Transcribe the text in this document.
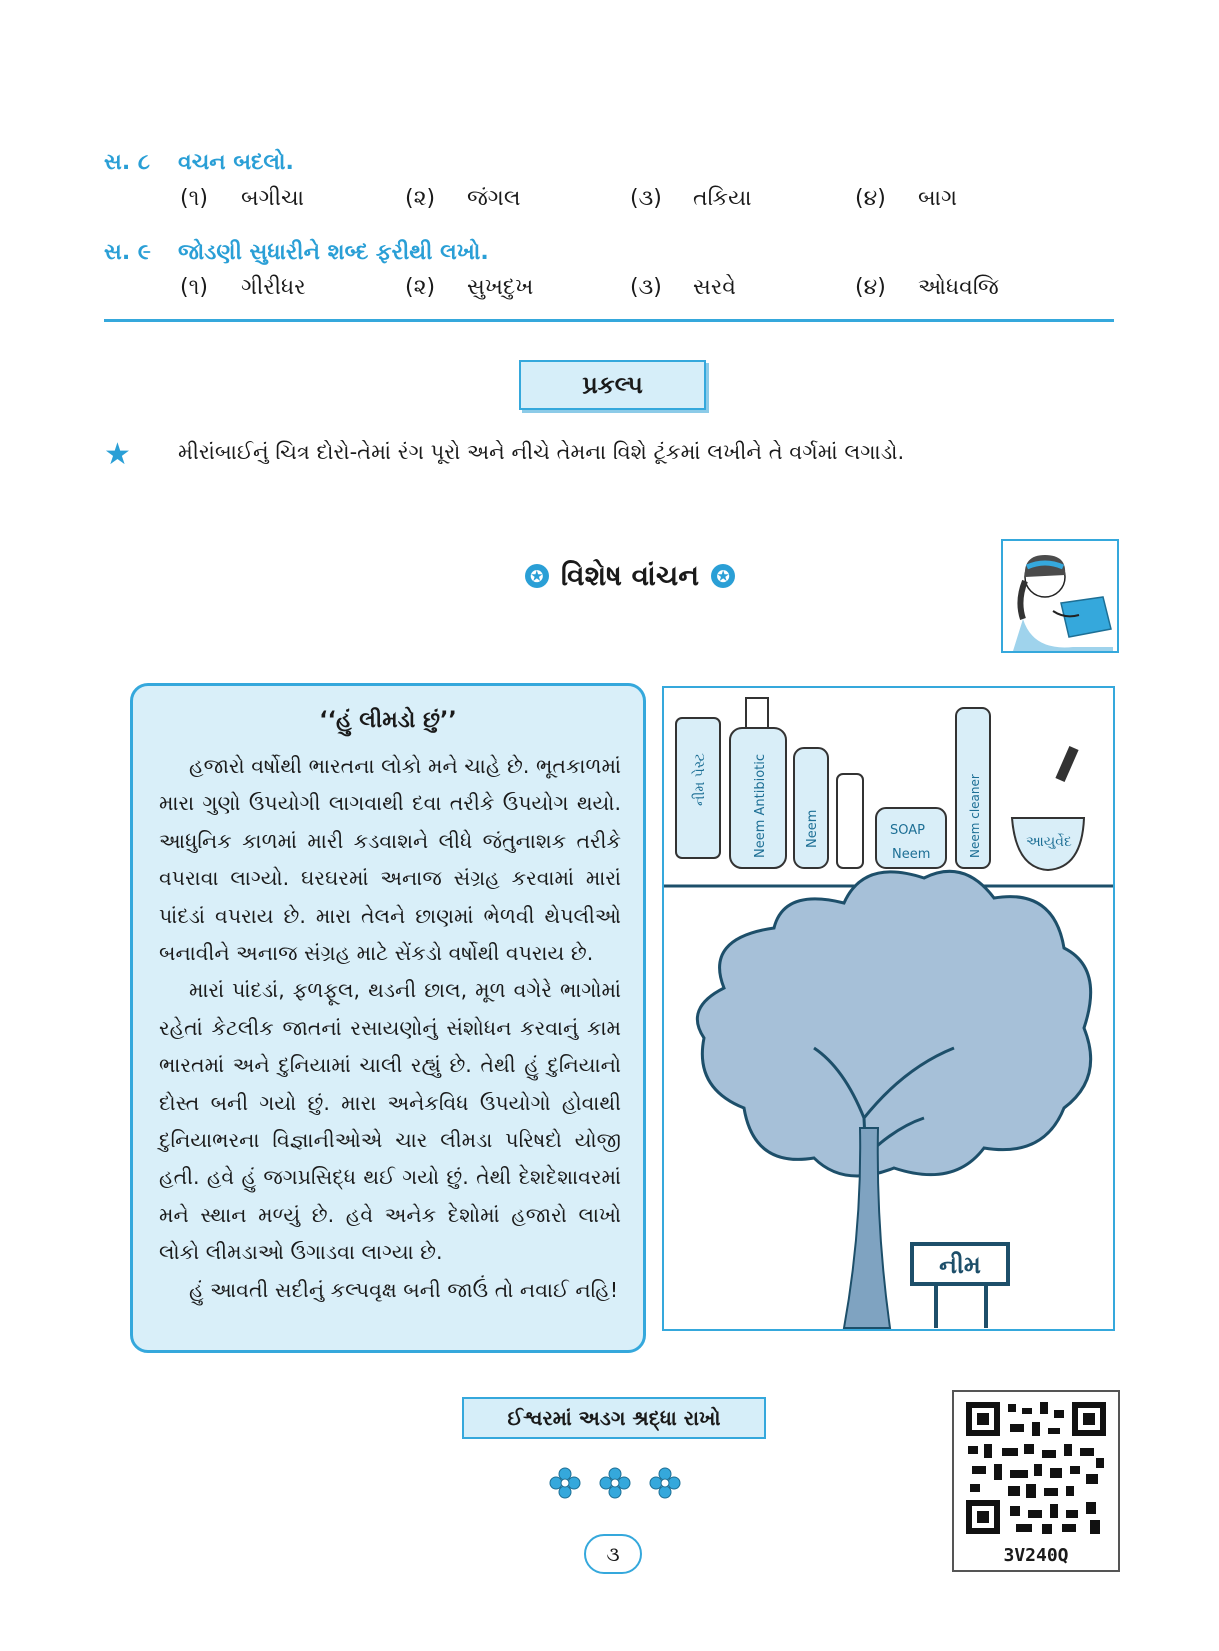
સ. ૮ વચન બદલો.
(૧) બગીચા	(૨) જંગલ	(૩) તકિયા	(૪) બાગ
સ. ૯ જોડણી સુધારીને શબ્દ ફરીથી લખો.
(૧) ગીરીધર	(૨) સુખદુખ	(૩) સરવે	(૪) ઓધવજિ
પ્રકલ્પ
★ મીરાંબાઈનું ચિત્ર દોરો-તેમાં રંગ પૂરો અને નીચે તેમના વિશે ટૂંકમાં લખીને તે વર્ગમાં લગાડો.
✪ વિશેષ વાંચન	✪
‘‘હું લીમડો છું’’

હજારો વર્ષોથી ભારતના લોકો મને ચાહે છે. ભૂતકાળમાં મારા ગુણો ઉપયોગી લાગવાથી દવા તરીકે ઉપયોગ થયો. આધુનિક કાળમાં મારી કડવાશને લીધે જંતુનાશક તરીકે વપરાવા લાગ્યો. ઘરઘરમાં અનાજ સંગ્રહ કરવામાં મારાં પાંદડાં વપરાય છે. મારા તેલને છાણમાં ભેળવી થેપલીઓ બનાવીને અનાજ સંગ્રહ માટે સેંકડો વર્ષોથી વપરાય છે.

મારાં પાંદડાં, ફળફૂલ, થડની છાલ, મૂળ વગેરે ભાગોમાં રહેતાં કેટલીક જાતનાં રસાયણોનું સંશોધન કરવાનું કામ ભારતમાં અને દુનિયામાં ચાલી રહ્યું છે. તેથી હું દુનિયાનો દોસ્ત બની ગયો છું. મારા અનેકવિધ ઉપયોગો હોવાથી દુનિયાભરના વિજ્ઞાનીઓએ ચાર લીમડા પરિષદો યોજી હતી. હવે હું જગપ્રસિદ્ધ થઈ ગયો છું. તેથી દેશદેશાવરમાં મને સ્થાન મળ્યું છે. હવે અનેક દેશોમાં હજારો લાખો લોકો લીમડાઓ ઉગાડવા લાગ્યા છે.

હું આવતી સદીનું કલ્પવૃક્ષ બની જાઉં તો નવાઈ નહિ!

નીમ પેસ્ટ	Neem Antibiotic	Neem	SOAP
Neem	Neem cleaner	આયુર્વેદ
નીમ
ઈશ્વરમાં અડગ શ્રદ્ધા રાખો
૩	3V240Q
